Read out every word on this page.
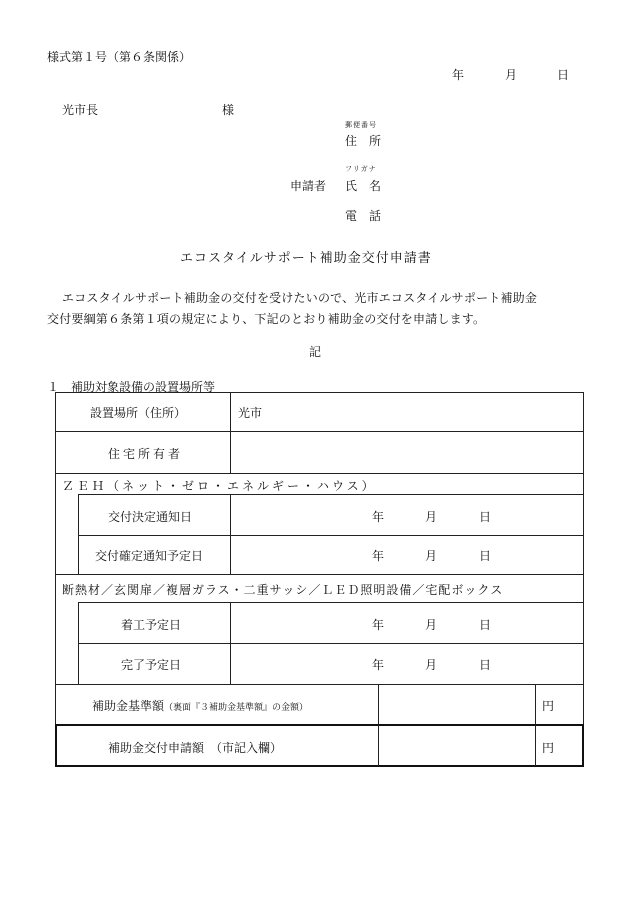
様式第１号（第６条関係）
年	月	日
光市長	様
郵便番号
住　所
フリガナ
申請者 氏　名
電　話
エコスタイルサポート補助金交付申請書
エコスタイルサポート補助金の交付を受けたいので、光市エコスタイルサポート補助金
交付要綱第６条第１項の規定により、下記のとおり補助金の交付を申請します。
記
１　補助対象設備の設置場所等
設置場所（住所）	光市
住宅所有者
ＺＥＨ（ネット・ゼロ・エネルギー・ハウス）
交付決定通知日	年	月	日
交付確定通知予定日	年	月	日
断熱材／玄関扉／複層ガラス・二重サッシ／ＬＥＤ照明設備／宅配ボックス
着工予定日	年	月	日
完了予定日	年	月	日
補助金基準額（裏面『３補助金基準額』の金額）	円
補助金交付申請額　（市記入欄）	円
